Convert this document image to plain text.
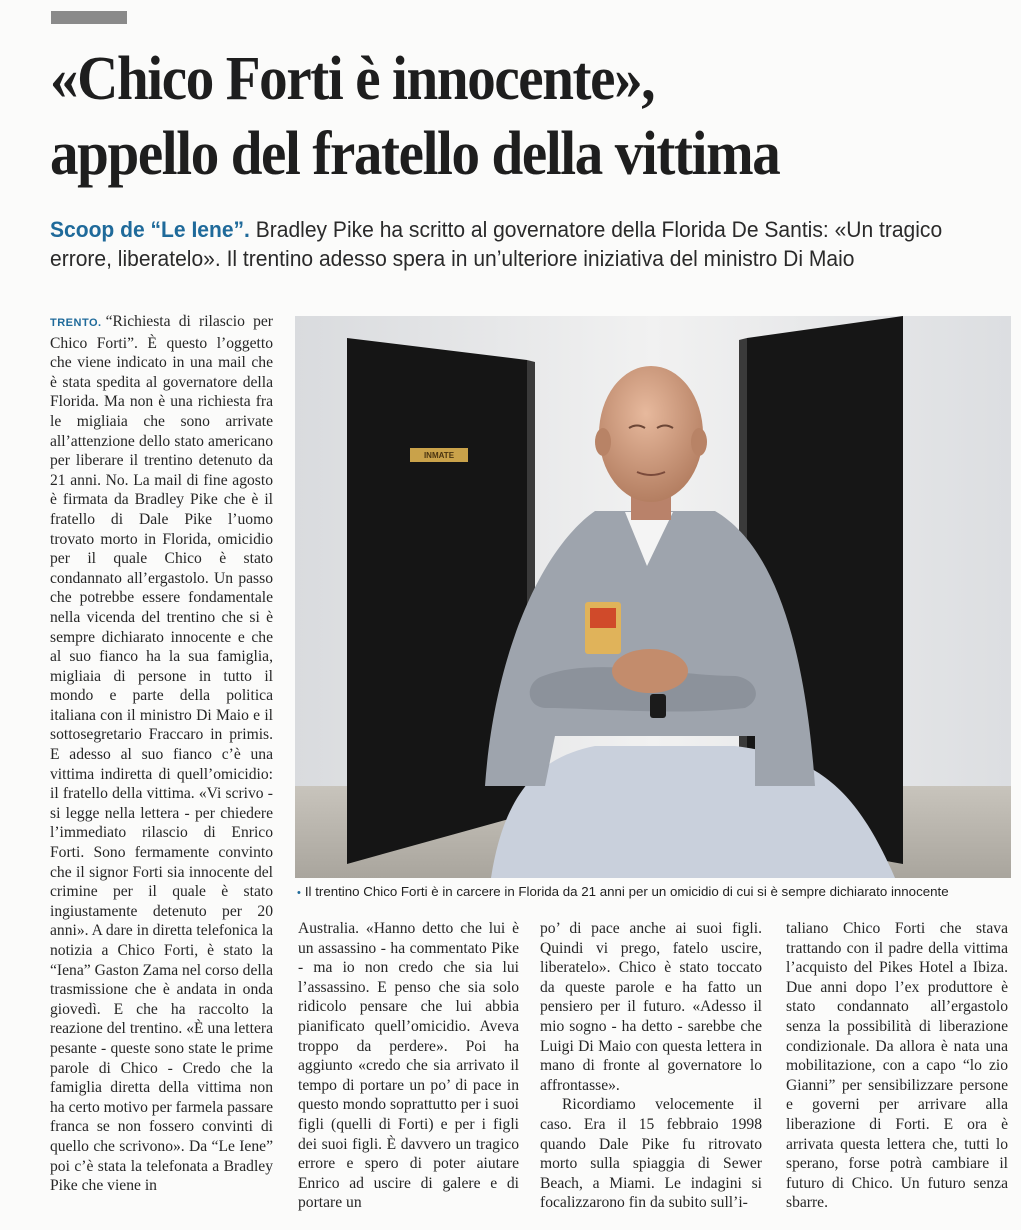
«Chico Forti è innocente»,
appello del fratello della vittima
Scoop de “Le Iene”. Bradley Pike ha scritto al governatore della Florida De Santis: «Un tragico
errore, liberatelo». Il trentino adesso spera in un’ulteriore iniziativa del ministro Di Maio

TRENTO. “Richiesta di rilascio per Chico Forti”. È questo l’oggetto che viene indicato in una mail che è stata spedita al governatore della Florida. Ma non è una richiesta fra le migliaia che sono arrivate all’attenzione dello stato americano per liberare il trentino detenuto da 21 anni. No. La mail di fine agosto è firmata da Bradley Pike che è il fratello di Dale Pike l’uomo trovato morto in Florida, omicidio per il quale Chico è stato condannato all’ergastolo. Un passo che potrebbe essere fondamentale nella vicenda del trentino che si è sempre dichiarato innocente e che al suo fianco ha la sua famiglia, migliaia di persone in tutto il mondo e parte della politica italiana con il ministro Di Maio e il sottosegretario Fraccaro in primis. E adesso al suo fianco c’è una vittima indiretta di quell’omicidio: il fratello della vittima. «Vi scrivo - si legge nella lettera - per chiedere l’immediato rilascio di Enrico Forti. Sono fermamente convinto che il signor Forti sia innocente del crimine per il quale è stato ingiustamente detenuto per 20 anni». A dare in diretta telefonica la notizia a Chico Forti, è stato la “Iena” Gaston Zama nel corso della trasmissione che è andata in onda giovedì. E che ha raccolto la reazione del trentino. «È una lettera pesante - queste sono state le prime parole di Chico - Credo che la famiglia diretta della vittima non ha certo motivo per farmela passare franca se non fossero convinti di quello che scrivono». Da “Le Iene” poi c’è stata la telefonata a Bradley Pike che viene in

INMATE
• Il trentino Chico Forti è in carcere in Florida da 21 anni per un omicidio di cui si è sempre dichiarato innocente

Australia. «Hanno detto che lui è un assassino - ha commentato Pike - ma io non credo che sia lui l’assassino. E penso che sia solo ridicolo pensare che lui abbia pianificato quell’omicidio. Aveva troppo da perdere». Poi ha aggiunto «credo che sia arrivato il tempo di portare un po’ di pace in questo mondo soprattutto per i suoi figli (quelli di Forti) e per i figli dei suoi figli. È davvero un tragico errore e spero di poter aiutare Enrico ad uscire di galere e di portare un

po’ di pace anche ai suoi figli. Quindi vi prego, fatelo uscire, liberatelo». Chico è stato toccato da queste parole e ha fatto un pensiero per il futuro. «Adesso il mio sogno - ha detto - sarebbe che Luigi Di Maio con questa lettera in mano di fronte al governatore lo affrontasse».

Ricordiamo velocemente il caso. Era il 15 febbraio 1998 quando Dale Pike fu ritrovato morto sulla spiaggia di Sewer Beach, a Miami. Le indagini si focalizzarono fin da subito sull’i-

taliano Chico Forti che stava trattando con il padre della vittima l’acquisto del Pikes Hotel a Ibiza. Due anni dopo l’ex produttore è stato condannato all’ergastolo senza la possibilità di liberazione condizionale. Da allora è nata una mobilitazione, con a capo “lo zio Gianni” per sensibilizzare persone e governi per arrivare alla liberazione di Forti. E ora è arrivata questa lettera che, tutti lo sperano, forse potrà cambiare il futuro di Chico. Un futuro senza sbarre.
